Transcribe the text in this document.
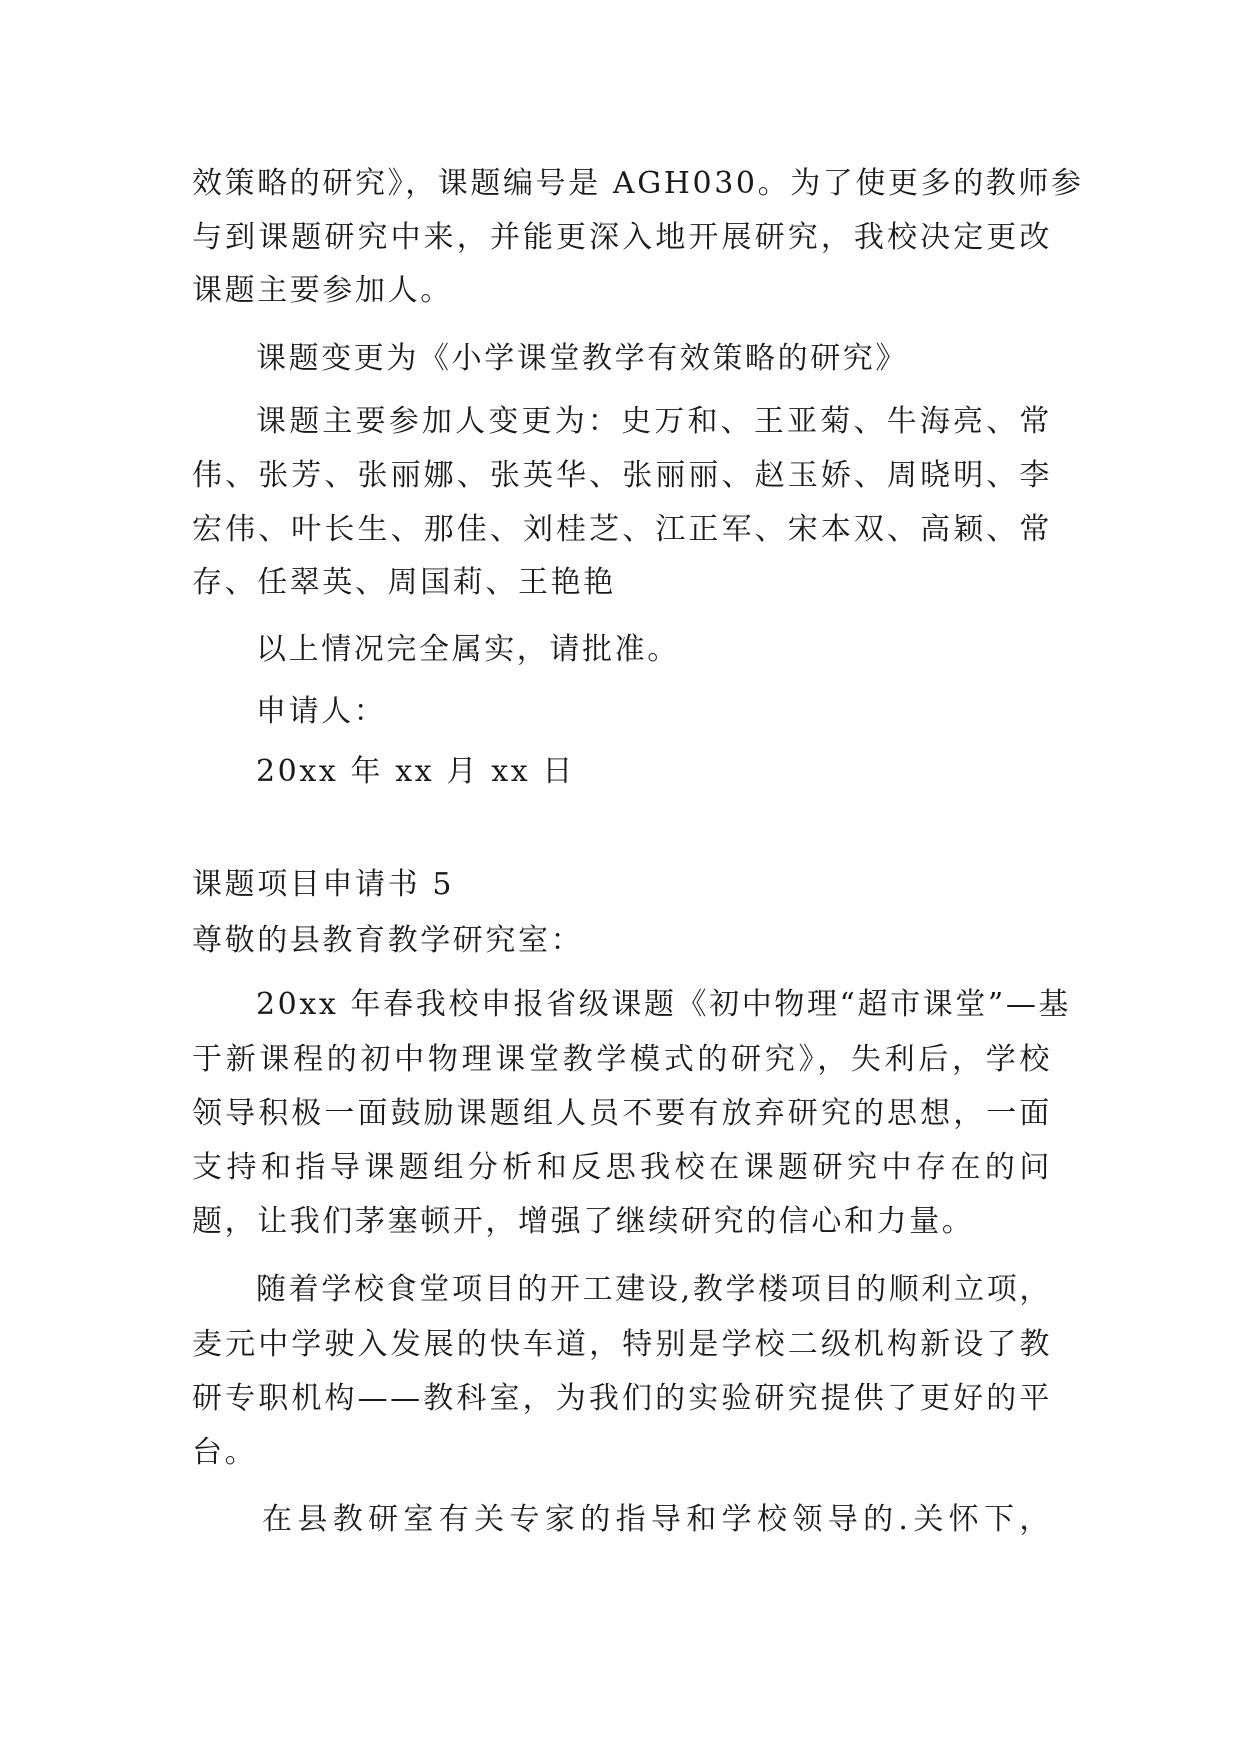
效策略的研究》，课题编号是 AGH030。为了使更多的教师参
与到课题研究中来，并能更深入地开展研究，我校决定更改
课题主要参加人。
课题变更为《小学课堂教学有效策略的研究》
课题主要参加人变更为：史万和、王亚菊、牛海亮、常
伟、张芳、张丽娜、张英华、张丽丽、赵玉娇、周晓明、李
宏伟、叶长生、那佳、刘桂芝、江正军、宋本双、高颖、常
存、任翠英、周国莉、王艳艳
以上情况完全属实，请批准。
申请人：
20xx 年 xx 月 xx 日
课题项目申请书 5
尊敬的县教育教学研究室：
20xx 年春我校申报省级课题《初中物理“超市课堂”—基
于新课程的初中物理课堂教学模式的研究》，失利后，学校
领导积极一面鼓励课题组人员不要有放弃研究的思想，一面
支持和指导课题组分析和反思我校在课题研究中存在的问
题，让我们茅塞顿开，增强了继续研究的信心和力量。
随着学校食堂项目的开工建设,教学楼项目的顺利立项，
麦元中学驶入发展的快车道，特别是学校二级机构新设了教
研专职机构——教科室，为我们的实验研究提供了更好的平
台。
在县教研室有关专家的指导和学校领导的.关怀下，
